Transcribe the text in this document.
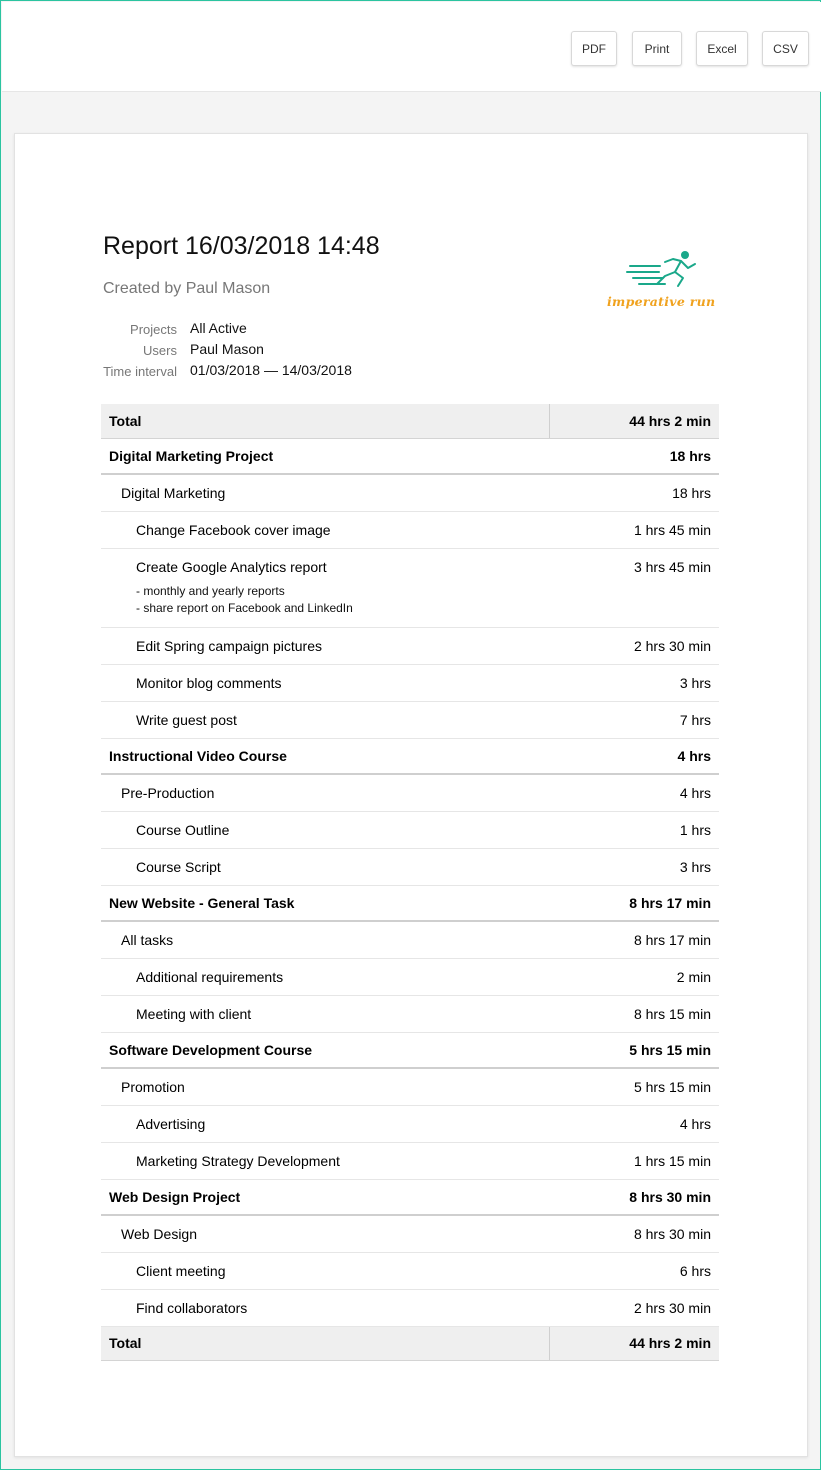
PDF	Print	Excel	CSV
Report 16/03/2018 14:48
Created by Paul Mason
Projects All Active
Users Paul Mason
Time interval 01/03/2018 — 14/03/2018
imperative run
Total	44 hrs 2 min

Digital Marketing Project	18 hrs

Digital Marketing	18 hrs

Change Facebook cover image	1 hrs 45 min

Create Google Analytics report
- monthly and yearly reports
- share report on Facebook and LinkedIn	3 hrs 45 min

Edit Spring campaign pictures	2 hrs 30 min

Monitor blog comments	3 hrs

Write guest post	7 hrs

Instructional Video Course	4 hrs

Pre-Production	4 hrs

Course Outline	1 hrs

Course Script	3 hrs

New Website - General Task	8 hrs 17 min

All tasks	8 hrs 17 min

Additional requirements	2 min

Meeting with client	8 hrs 15 min

Software Development Course	5 hrs 15 min

Promotion	5 hrs 15 min

Advertising	4 hrs

Marketing Strategy Development	1 hrs 15 min

Web Design Project	8 hrs 30 min

Web Design	8 hrs 30 min

Client meeting	6 hrs

Find collaborators	2 hrs 30 min
Total	44 hrs 2 min
